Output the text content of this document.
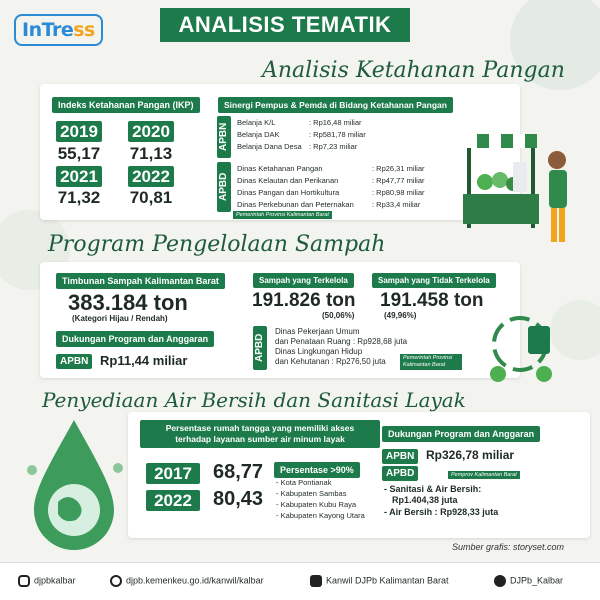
InTress	ANALISIS TEMATIK
Analisis Ketahanan Pangan
Indeks Ketahanan Pangan (IKP)
2019 2020
55,17	71,13
2021 2022
71,32	70,81
Sinergi Pempus & Pemda di Bidang Ketahanan Pangan
APBN
Belanja K/L	: Rp16,48 miliar
Belanja DAK	: Rp581,78 miliar
Belanja Dana Desa : Rp7,23 miliar
APBD
Dinas Ketahanan Pangan	: Rp26,31 miliar
Dinas Kelautan dan Perikanan	: Rp47,77 miliar
Dinas Pangan dan Hortikultura	: Rp80,98 miliar
Dinas Perkebunan dan Peternakan : Rp33,4 miliar
Pemerintah Provinsi Kalimantan Barat
Program Pengelolaan Sampah
Timbunan Sampah Kalimantan Barat
383.184 ton
(Kategori Hijau / Rendah)
Dukungan Program dan Anggaran
APBN Rp11,44 miliar
Sampah yang Terkelola
191.826 ton
(50,06%)
Sampah yang Tidak Terkelola
191.458 ton
(49,96%)
APBD
Dinas Pekerjaan Umum
dan Penataan Ruang : Rp928,68 juta
Dinas Lingkungan Hidup
dan Kehutanan : Rp276,50 juta	Pemerintah Provinsi Kalimantan Barat
Penyediaan Air Bersih dan Sanitasi Layak
Persentase rumah tangga yang memiliki akses
terhadap layanan sumber air minum layak
2017	68,77
2022	80,43
Persentase >90%
- Kota Pontianak
- Kabupaten Sambas
- Kabupaten Kubu Raya
- Kabupaten Kayong Utara
Dukungan Program dan Anggaran
APBN Rp326,78 miliar
APBD	Pemprov Kalimantan Barat
- Sanitasi & Air Bersih:
Rp1.404,38 juta
- Air Bersih : Rp928,33 juta
Sumber grafis: storyset.com
djpbkalbar	djpb.kemenkeu.go.id/kanwil/kalbar	Kanwil DJPb Kalimantan Barat	DJPb_Kalbar
